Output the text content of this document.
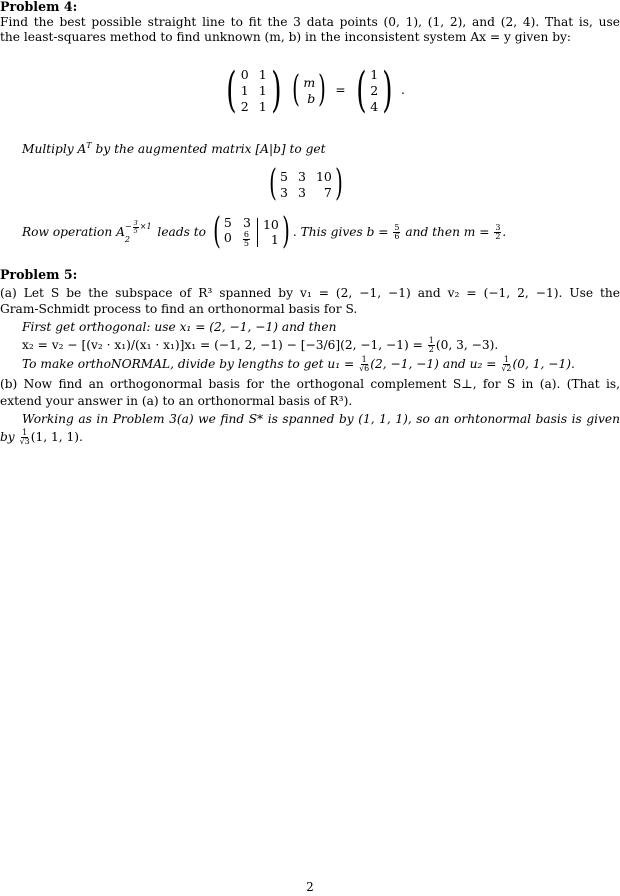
Problem 4:
Find the best possible straight line to fit the 3 data points (0, 1), (1, 2), and (2, 4). That is, use
the least-squares method to find unknown (m, b) in the inconsistent system Ax = y given by:
( 0 1
1 1
2 1 ) ( m
b ) = ( 1
2
4 ) .
Multiply $A^T$ by the augmented matrix [A|b] to get
( 5 3 10
3 3	7 )
Row operation $A - \frac{3}{5} \times 1$
2
leads to ( 5 3
$0 \frac{6}{5}$
10
1 ) . This gives $b = \frac{5}{6}$ and then $m = \frac{3}{2}$ .
Problem 5:
(a) Let S be the subspace of R³ spanned by v₁ = (2, −1, −1) and v₂ = (−1, 2, −1). Use the
Gram-Schmidt process to find an orthonormal basis for S.
First get orthogonal: use x₁ = (2, −1, −1) and then
x₂ = v₂ − [(v₂ · x₁)/(x₁ · x₁)]x₁ = (−1, 2, −1) − [−3/6](2, −1, $-1) = \frac{1}{2} (0$, 3, −3).
To make orthoNORMAL, divide by lengths to get $u_1 = \frac{1}{√6} (2$, −1, −1) and $u_2 = \frac{1}{√2} (0$, 1, −1).
(b) Now find an orthogonormal basis for the orthogonal complement S⊥, for S in (a). (That is,
extend your answer in (a) to an orthonormal basis of R³).
Working as in Problem 3(a) we find S* is spanned by (1, 1, 1), so an orhtonormal basis is given
by $\frac{1}{√3} (1$, 1, 1).
2
